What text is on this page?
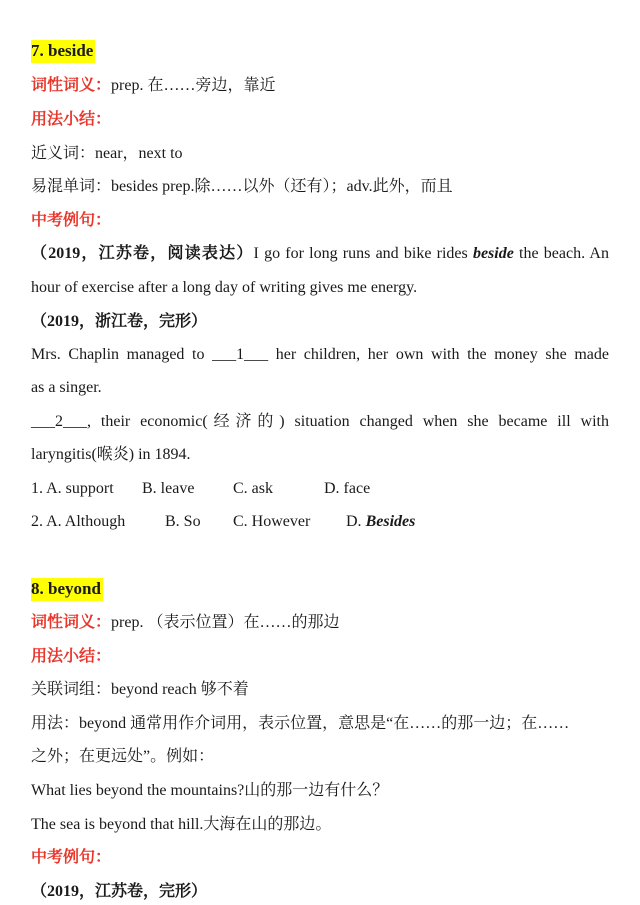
7. beside
词性词义：prep. 在……旁边，靠近
用法小结：
近义词：near，next to
易混单词：besides prep.除……以外（还有）；adv.此外，而且
中考例句：
（2019，江苏卷，阅读表达）I go for long runs and bike rides beside the beach. An
hour of exercise after a long day of writing gives me energy.
（2019，浙江卷，完形）
Mrs. Chaplin managed to ___1___ her children, her own with the money she made
as a singer.
___2___, their economic(经济的) situation changed when she became ill with
laryngitis(喉炎) in 1894.
1. A. support B. leave C. ask	D. face
2. A. Although B. So C. However D. Besides
8. beyond
词性词义：prep. （表示位置）在……的那边
用法小结：
关联词组：beyond reach 够不着
用法：beyond 通常用作介词用，表示位置，意思是“在……的那一边；在……
之外；在更远处”。例如：
What lies beyond the mountains?山的那一边有什么？
The sea is beyond that hill.大海在山的那边。
中考例句：
（2019，江苏卷，完形）
